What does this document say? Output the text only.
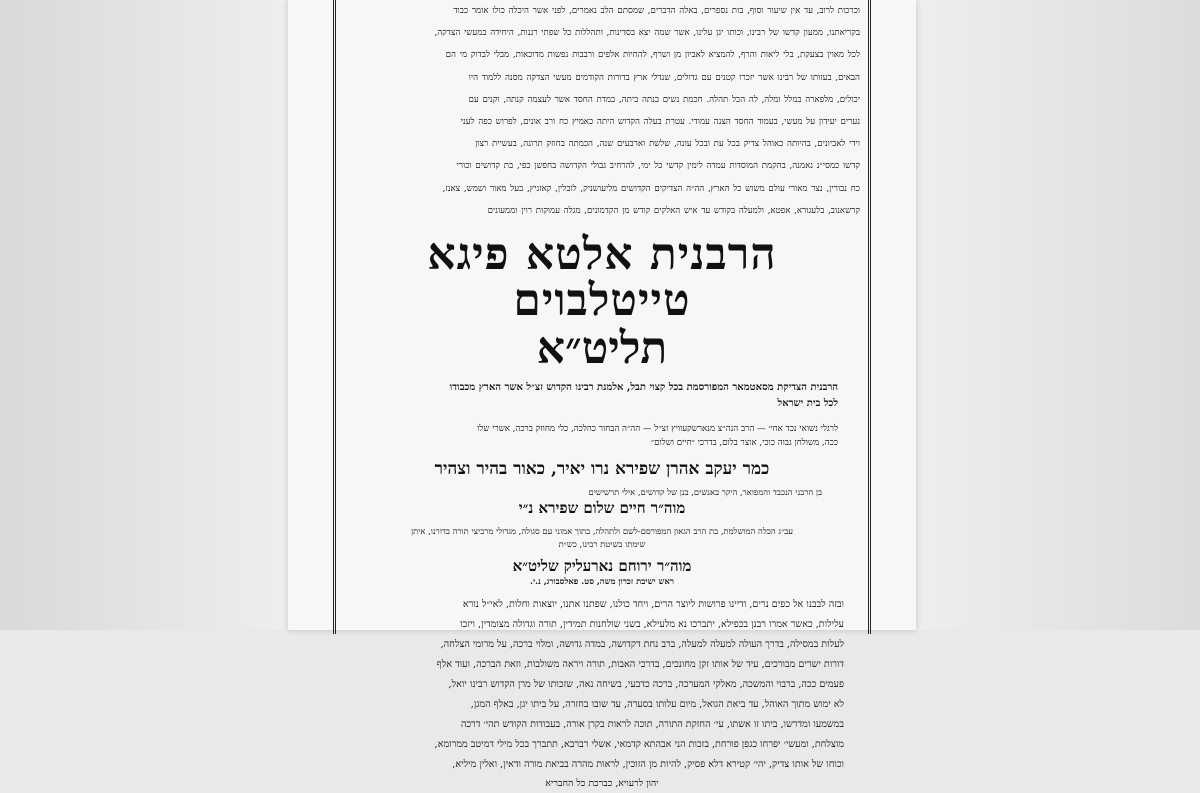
וכרכות לרוב, עד אין שיעור וסוף, בות נספרים, באלה הדברים, שמסתם הלב נאמרים, לפני אשר היכלה כולו אומר כבוד

בקריאתנו, ממעון קדשו של רבינו, וכותו יגן עלינו, אשר שמה יצא בסדינות, ותהללות כל שפתי רננות, היחידה במעשי הצדקה,

לכל מאוין בצעקת, בלי ליאות והרף, להמציא לאביון מן ושרף, להחיות אלפים ורבבות נפשות מדוכאות, מבלי לבדוק מי הם

הבאים, בעזותו של רבינו אשר יזכרו קטנים עם גדולים, שנדלי ארץ בדורות הקודמים מעשי הצדקה מסנה ללמוד היו

יכולים, מלפארה במלל ומלה, לה הכל תהלה. חכמת נשים בנתה ביתה, במדת החסד אשר לעצמה קנתה, וקנים עם

נערים יעידון על מעשי, בעמוד החסד הצנה עמודי. עטרת בעלה הקדוש היתה כאמיץ כח ורב אונים, לפרוש כפה לעני

וידי לאביונים, בהיותה כאוהל צדיק בכל עת ובכל עונה, שלשת וארבעים שנה, הכמתה בחוזק תרונה, בעשיית רצון

קדשו כמסי״נ נאמנה, בהקמת המוסדות עמדה לימין קדשי כל ימי, להרחיב גבולי הקדושה בחפשן כפי, בת קדושים וכורי

כח נבורין, נצר מאורי עולם משוש כל הארץ, הה״ה הצדיקים הקדושים מליעושניק, לובלין, קאזניץ, בעל מאור ושמש, צאנז,

קרשאנוב, בלעגורא, אפטא, ולמעלה בקודש עד איש האלקים קודש מן הקדמונים, מגלה עמוקות רוין וממעונים

הרבנית אלטא פיגא טייטלבוים
תליט״א
הרבנית הצדיקת מסאטמאר המפורסמת בכל קצוי תבל, אלמנת רבינו הקדוש זצ״ל אשר הארץ מכבודו
לכל בית ישראל
לרגלי נשואי נכד אחי׳ — הרב הנה״צ מנארשקעוויץ זצ״ל — הה״ה הבחור כהלכה, כלי מחוזק ברכה, אשרי שלו
ככה, משולחן גבוה כוכי, אוצר בלום, בדרכי ״חיים ושלום״
כמר יעקב אהרן שפירא נרו יאיר, כאור בהיר וצהיר
בן הרבני הנכבד והמפואר, היקר באנשים, בנן של קדושים, אילי תרשישים
מוה״ר חיים שלום שפירא נ״י
עב״ג הכלה המושלמת, בת הרב הגאון המפורסם-לשם ולתהלה, בתוך אמוני עם סגולה, מגדולי מרביצי תורה בדורנו, איתן
שימתו בשיטת רבינו, כש״ת
מוה״ר ירוחם נארעליק שליט״א
ראש ישיבת זכרון משה, סט. פאלסבורג, נ.י.

ובזה לבבנו אל כפים נרים, ודיינו פרושות ליוצר הרים, ויחד כולנו, שפתנו אתנו, יוצאות וחלות, לאי״ל נורא

עלילות, כאשר אמרו רבנן בכפילא, יתברכו נא מלעילא, בשני שולחנות תמידין, תורה וגדולה מצומדין, ויזכו

לעלות במסילה, בדרך העולה למעלה למעלה, ברב נחת דקדושה, במדה גדושה, ומלוי ברכה, על מרומי הצלחה,

דורות ישרים מבורכים, עיד של אותו זקן מחונכים, בדרכי האבות, תורה ויראה משולבות, וזאת הברכה, ועוד אלף

פעמים ככה, ברבוי והמשכה, מאלקי המערכה, ברכה כדבעי, בשיחה נאה, שזכותו של מרן הקדוש רבינו יואל,

לא ימוש מתוך האוהל, עד ביאת הגואל, מיום עלותו בסערה, עד שובו בחזרה, על ביתו יגן, באלף המגן,

במשמעו ומדרשו, ביתו זו אשתו, עי׳ החזקת התורה, תוכה לראות בקרן אורה, בעבודות הקודש תהי׳ דרכה

מוצלחת, ומעשי׳ יפרחו כגפן פורחת, בזכות הני אבהתא קדמאי, אשלי רברבא, תתברך בכל מילי דמיטב ממרומא,

וכוחו של אותו צדיק, יהי׳ קטירא דלא פסיק, להיות מן הזוכין, לראות מהרה בביאת מורה ודאין, ואלין מיליא,

יהון לרעויא, כברכת כל החבריא
